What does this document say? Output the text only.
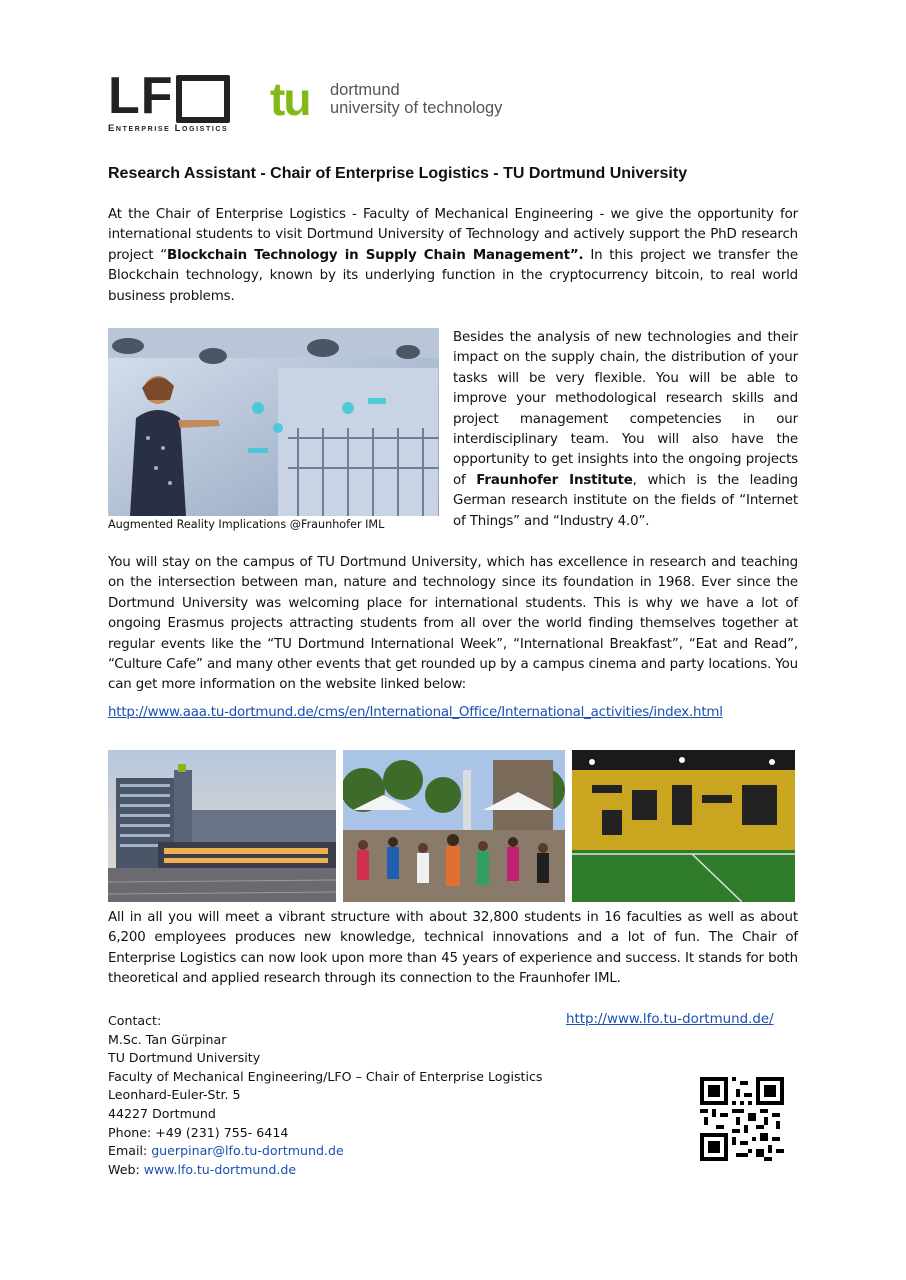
LF
Enterprise Logistics
tu dortmund
university of technology
Research Assistant - Chair of Enterprise Logistics - TU Dortmund University

At the Chair of Enterprise Logistics - Faculty of Mechanical Engineering - we give the opportunity for international students to visit Dortmund University of Technology and actively support the PhD research project “Blockchain Technology in Supply Chain Management”. In this project we transfer the Blockchain technology, known by its underlying function in the cryptocurrency bitcoin, to real world business problems.

Augmented Reality Implications @Fraunhofer IML

Besides the analysis of new technologies and their impact on the supply chain, the distribution of your tasks will be very flexible. You will be able to improve your methodological research skills and project management competencies in our interdisciplinary team. You will also have the opportunity to get insights into the ongoing projects of Fraunhofer Institute, which is the leading German research institute on the fields of “Internet of Things” and “Industry 4.0”.

You will stay on the campus of TU Dortmund University, which has excellence in research and teaching on the intersection between man, nature and technology since its foundation in 1968. Ever since the Dortmund University was welcoming place for international students. This is why we have a lot of ongoing Erasmus projects attracting students from all over the world finding themselves together at regular events like the “TU Dortmund International Week”, “International Breakfast”, “Eat and Read”, “Culture Cafe” and many other events that get rounded up by a campus cinema and party locations. You can get more information on the website linked below:

http://www.aaa.tu-dortmund.de/cms/en/International_Office/International_activities/index.html

All in all you will meet a vibrant structure with about 32,800 students in 16 faculties as well as about 6,200 employees produces new knowledge, technical innovations and a lot of fun. The Chair of Enterprise Logistics can now look upon more than 45 years of experience and success. It stands for both theoretical and applied research through its connection to the Fraunhofer IML.

http://www.lfo.tu-dortmund.de/
Contact:
M.Sc. Tan Gürpinar
TU Dortmund University
Faculty of Mechanical Engineering/LFO – Chair of Enterprise Logistics
Leonhard-Euler-Str. 5
44227 Dortmund
Phone: +49 (231) 755- 6414
Email: guerpinar@lfo.tu-dortmund.de
Web: www.lfo.tu-dortmund.de
